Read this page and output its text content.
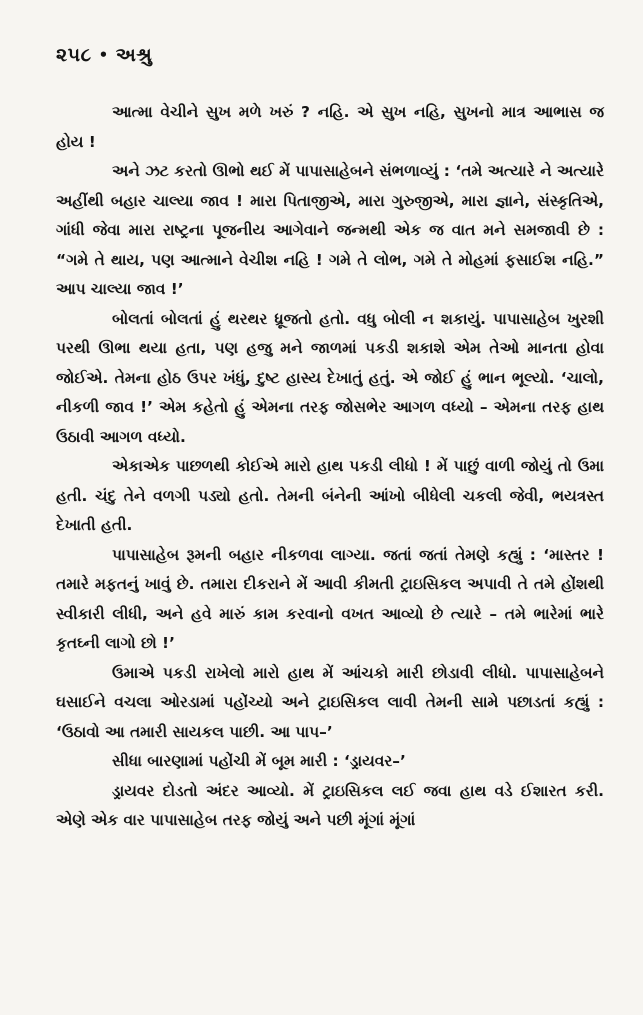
૨૫૮ • અશ્રુ

આત્મા વેચીને સુખ મળે ખરું ? નહિ. એ સુખ નહિ, સુખનો માત્ર આભાસ જ હોય !

અને ઝટ કરતો ઊભો થઈ મેં પાપાસાહેબને સંભળાવ્યું : ‘તમે અત્યારે ને અત્યારે અહીંથી બહાર ચાલ્યા જાવ ! મારા પિતાજીએ, મારા ગુરુજીએ, મારા જ્ઞાને, સંસ્કૃતિએ, ગાંધી જેવા મારા રાષ્ટ્રના પૂજનીય આગેવાને જન્મથી એક જ વાત મને સમજાવી છે : “ગમે તે થાય, પણ આત્માને વેચીશ નહિ ! ગમે તે લોભ, ગમે તે મોહમાં ફસાઈશ નહિ.” આપ ચાલ્યા જાવ !’

બોલતાં બોલતાં હું થરથર ધ્રૂજતો હતો. વધુ બોલી ન શકાયું. પાપાસાહેબ ખુરશી પરથી ઊભા થયા હતા, પણ હજુ મને જાળમાં પકડી શકાશે એમ તેઓ માનતા હોવા જોઈએ. તેમના હોઠ ઉપર ખંધું, દુષ્ટ હાસ્ય દેખાતું હતું. એ જોઈ હું ભાન ભૂલ્યો. ‘ચાલો, નીકળી જાવ !’ એમ કહેતો હું એમના તરફ જોસભેર આગળ વધ્યો – એમના તરફ હાથ ઉઠાવી આગળ વધ્યો.

એકાએક પાછળથી કોઈએ મારો હાથ પકડી લીધો ! મેં પાછું વાળી જોયું તો ઉમા હતી. ચંદુ તેને વળગી પડ્યો હતો. તેમની બંનેની આંખો બીધેલી ચકલી જેવી, ભયત્રસ્ત દેખાતી હતી.

પાપાસાહેબ રૂમની બહાર નીકળવા લાગ્યા. જતાં જતાં તેમણે કહ્યું : ‘માસ્તર ! તમારે મફતનું ખાવું છે. તમારા દીકરાને મેં આવી કીમતી ટ્રાઇસિકલ અપાવી તે તમે હોંશથી સ્વીકારી લીધી, અને હવે મારું કામ કરવાનો વખત આવ્યો છે ત્યારે – તમે ભારેમાં ભારે કૃતઘ્ની લાગો છો !’

ઉમાએ પકડી રાખેલો મારો હાથ મેં આંચકો મારી છોડાવી લીધો. પાપાસાહેબને ઘસાઈને વચલા ઓરડામાં પહોંચ્યો અને ટ્રાઇસિકલ લાવી તેમની સામે પછાડતાં કહ્યું : ‘ઉઠાવો આ તમારી સાયકલ પાછી. આ પાપ–’

સીધા બારણામાં પહોંચી મેં બૂમ મારી : ‘ડ્રાયવર–’

ડ્રાયવર દોડતો અંદર આવ્યો. મેં ટ્રાઇસિકલ લઈ જવા હાથ વડે ઈશારત કરી. એણે એક વાર પાપાસાહેબ તરફ જોયું અને પછી મૂંગાં મૂંગાં
